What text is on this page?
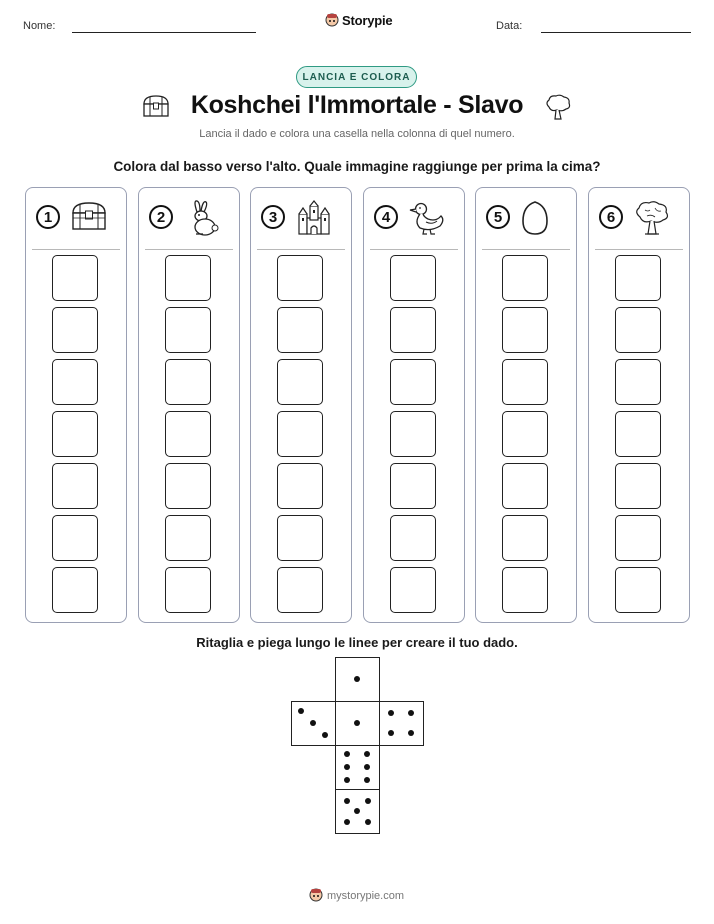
Nome:	Storypie	Data:
LANCIA E COLORA
Koshchei l'Immortale - Slavo
Lancia il dado e colora una casella nella colonna di quel numero.
Colora dal basso verso l'alto. Quale immagine raggiunge per prima la cima?
1	2	3	4	5	6
Ritaglia e piega lungo le linee per creare il tuo dado.
mystorypie.com
